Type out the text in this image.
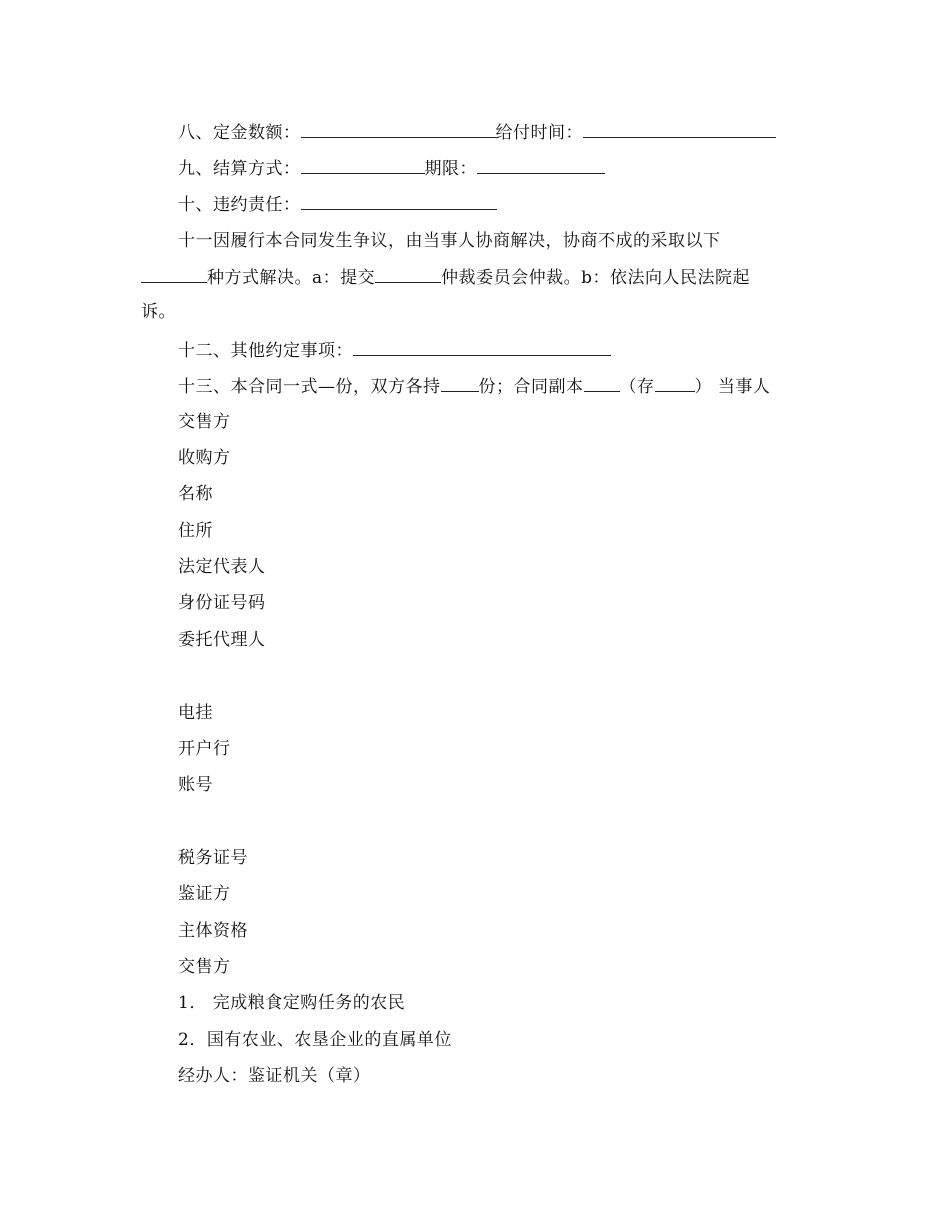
八、定金数额：	给付时间：
九、结算方式：	期限：
十、违约责任：
十一因履行本合同发生争议，由当事人协商解决，协商不成的采取以下
种方式解决。a：提交	仲裁委员会仲裁。b：依法向人民法院起
诉。
十二、其他约定事项：
十三、本合同一式—份，双方各持 份；合同副本 （存 ） 当事人
交售方
收购方
名称
住所
法定代表人
身份证号码
委托代理人
电挂
开户行
账号
税务证号
鉴证方
主体资格
交售方
1． 完成粮食定购任务的农民
2．国有农业、农垦企业的直属单位
经办人：鉴证机关（章）
